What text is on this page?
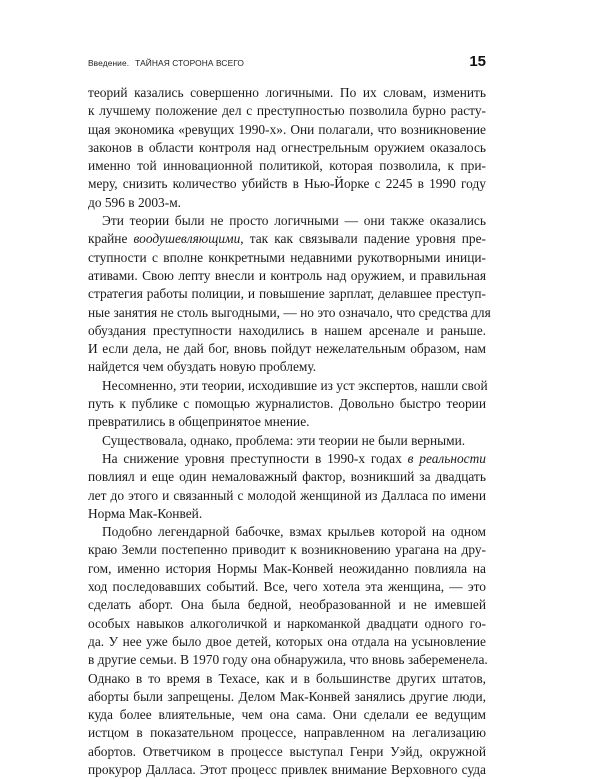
Введение. ТАЙНАЯ СТОРОНА ВСЕГО	15
теорий казались совершенно логичными. По их словам, изменить
к лучшему положение дел с преступностью позволила бурно расту-
щая экономика «ревущих 1990-х». Они полагали, что возникновение
законов в области контроля над огнестрельным оружием оказалось
именно той инновационной политикой, которая позволила, к при-
меру, снизить количество убийств в Нью-Йорке с 2245 в 1990 году
до 596 в 2003-м.
Эти теории были не просто логичными — они также оказались
крайне воодушевляющими, так как связывали падение уровня пре-
ступности с вполне конкретными недавними рукотворными иници-
ативами. Свою лепту внесли и контроль над оружием, и правильная
стратегия работы полиции, и повышение зарплат, делавшее преступ-
ные занятия не столь выгодными, — но это означало, что средства для
обуздания преступности находились в нашем арсенале и раньше.
И если дела, не дай бог, вновь пойдут нежелательным образом, нам
найдется чем обуздать новую проблему.
Несомненно, эти теории, исходившие из уст экспертов, нашли свой
путь к публике с помощью журналистов. Довольно быстро теории
превратились в общепринятое мнение.
Существовала, однако, проблема: эти теории не были верными.
На снижение уровня преступности в 1990-х годах в реальности
повлиял и еще один немаловажный фактор, возникший за двадцать
лет до этого и связанный с молодой женщиной из Далласа по имени
Норма Мак-Конвей.
Подобно легендарной бабочке, взмах крыльев которой на одном
краю Земли постепенно приводит к возникновению урагана на дру-
гом, именно история Нормы Мак-Конвей неожиданно повлияла на
ход последовавших событий. Все, чего хотела эта женщина, — это
сделать аборт. Она была бедной, необразованной и не имевшей
особых навыков алкоголичкой и наркоманкой двадцати одного го-
да. У нее уже было двое детей, которых она отдала на усыновление
в другие семьи. В 1970 году она обнаружила, что вновь забеременела.
Однако в то время в Техасе, как и в большинстве других штатов,
аборты были запрещены. Делом Мак-Конвей занялись другие люди,
куда более влиятельные, чем она сама. Они сделали ее ведущим
истцом в показательном процессе, направленном на легализацию
абортов. Ответчиком в процессе выступал Генри Уэйд, окружной
прокурор Далласа. Этот процесс привлек внимание Верховного суда
